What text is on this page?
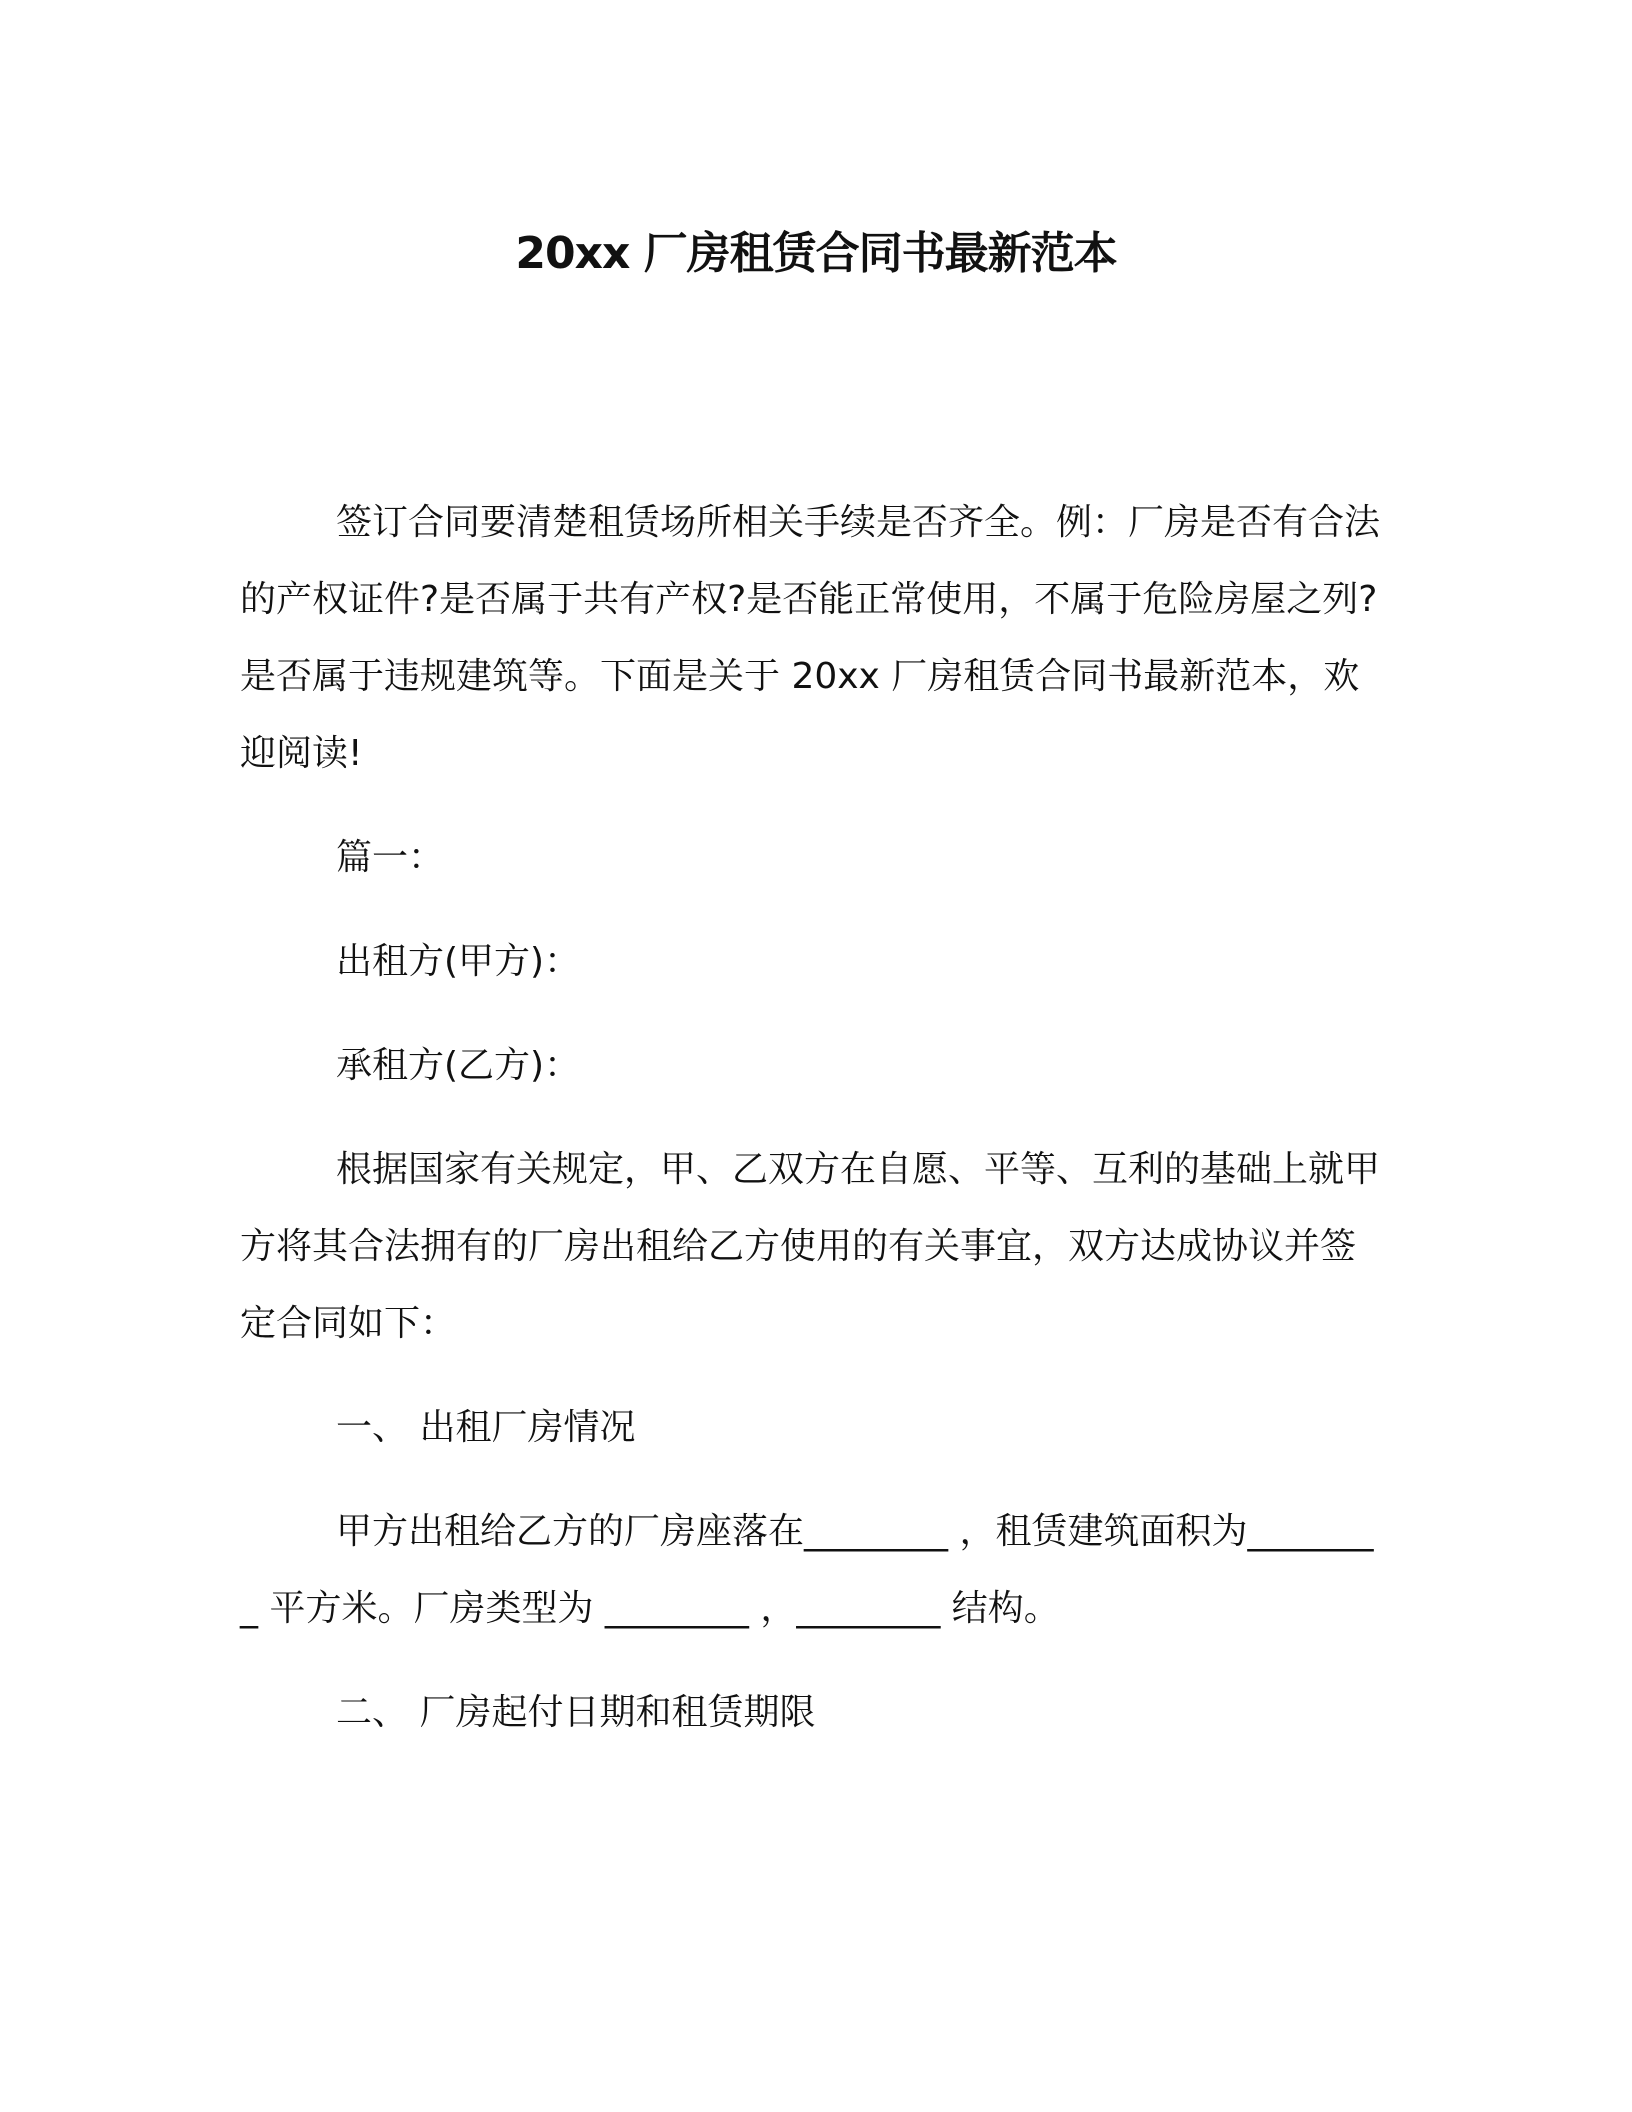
20xx 厂房租赁合同书最新范本

签订合同要清楚租赁场所相关手续是否齐全。例：厂房是否有合法的产权证件?是否属于共有产权?是否能正常使用，不属于危险房屋之列?是否属于违规建筑等。下面是关于 20xx 厂房租赁合同书最新范本，欢迎阅读!

篇一：

出租方(甲方)：

承租方(乙方)：

根据国家有关规定，甲、乙双方在自愿、平等、互利的基础上就甲方将其合法拥有的厂房出租给乙方使用的有关事宜，双方达成协议并签定合同如下：

一、 出租厂房情况

甲方出租给乙方的厂房座落在________ ，租赁建筑面积为________ 平方米。厂房类型为 ________ ，________ 结构。

二、 厂房起付日期和租赁期限
